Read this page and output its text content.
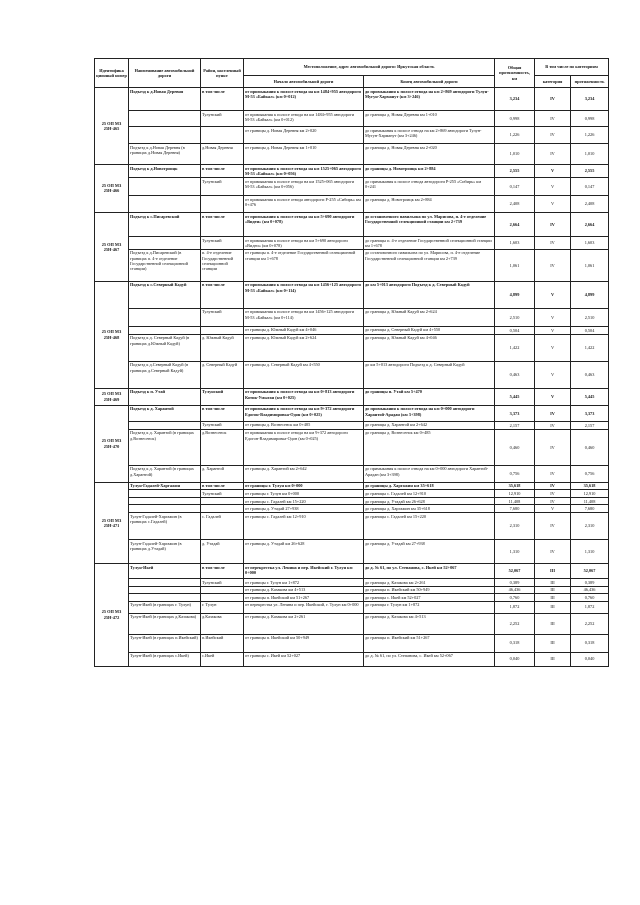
Идентифика ционный номер	Наименование автомобильной дороги	Район, населенный пункт	Местоположение, адрес автомобильной дороги: Иркутская область		Общая протяженность, км	В том числе по категориям	
			Начало автомобильной дороги	Конец автомобильной дороги		категория	протяженность

25 ОП МЗ 25Н-465	Подъезд к д.Новая Деревня	в том числе	от примыкания к полосе отвода на км 1484+955 автодороги М-53 «Байкал» (км 0+012)	до примыкания к полосе отвода на км 2+869 автодороги Тулун-Мугун-Харманут (км 3+246)	3,234	IV	3,234
		Тулунский	от примыкания к полосе отвода на км 1484+955 автодороги М-53 «Байкал» (км 0+012)	до границы д. Новая Деревня км 1+010	0,998	IV	0,998
			от границы д. Новая Деревня км 2+020	до примыкания к полосе отвода на км 2+869 автодороги Тулун-Мугун-Харманут (км 3+246)	1,226	IV	1,226
	Подъезд к д.Новая Деревня (в границах д.Новая Деревня)	д.Новая Деревня	от границы д. Новая Деревня км 1+010	до границы д. Новая Деревня км 2+020	1,010	IV	1,010
25 ОП МЗ 25Н-466	Подъезд к д.Новотроицк	в том числе	от примыкания к полосе отвода на км 1525+065 автодороги М-53 «Байкал» (км 0+056)	до границы д. Новотроицк км 2+884	2,555	V	2,555
		Тулунский	от примыкания к полосе отвода на км 1525+065 автодороги М-53 «Байкал» (км 0+056)	до примыкания к полосе отвода автодороги Р-255 «Сибирь» км 0+241	0,147	V	0,147
			от примыкания к полосе отвода автодороги Р-255 «Сибирь» км 0+476	до границы д. Новотроицк км 2+884	2,408	V	2,408
25 ОП МЗ 25Н-467	Подъезд к с.Писаревский	в том числе	от примыкания к полосе отвода на км 5+690 автодороги «Видеи» (км 0+078)	до остановочного павильона по ул. Марисова, п. 4-е отделение Государственной селекционной станции км 2+739	2,664	IV	2,664
		Тулунский	от примыкания к полосе отвода на км 5+690 автодороги «Видеи» (км 0+078)	до границы п. 4-е отделение Государственной селекционной станции км 1+678	1,603	IV	1,603
	Подъезд к д.Писаревский (в границах п. 4-е отделение Государственной селекционной станции)	п. 4-е отделение Государственной селекционной станции	от границы п. 4-е отделение Государственной селекционной станции км 1+678	до остановочного павильона по ул. Марисова, п. 4-е отделение Государственной селекционной станции км 2+739	1,061	IV	1,061
25 ОП МЗ 25Н-468	Подъезд к с.Северный Кадуй	в том числе	от примыкания к полосе отвода на км 1456+125 автодороги М-53 «Байкал» (км 0+114)	до км 5+013 автодороги Подъезд к д. Северный Кадуй	4,899	V	4,899
		Тулунский	от примыкания к полосе отвода на км 1456+125 автодороги М-53 «Байкал» (км 0+114)	до границы д. Южный Кадуй км 2+624	2,510	V	2,510
			от границы д. Южный Кадуй км 4+046	до границы д. Северный Кадуй км 4+550	0,504	V	0,504
	Подъезд к д. Северный Кадуй (в границах д.Южный Кадуй)	д. Южный Кадуй	от границы д. Южный Кадуй км 2+624	до границы д. Южный Кадуй км 4+046	1,422	V	1,422
	Подъезд к д.Северный Кадуй (в границах д.Северный Кадуй)	д. Северный Кадуй	от границы д. Северный Кадуй км 4+550	до км 5+013 автодороги Подъезд к д. Северный Кадуй	0,463	V	0,463
25 ОП МЗ 25Н-469	Подъезд к п. Утай	Тулунский	от примыкания к полосе отвода на км 0+813 автодороги Котик-Умыган (км 0+025)	до границы п. Утай км 5+470	5,445	V	5,445
25 ОП МЗ 25Н-470	Подъезд к д. Харантой	в том числе	от примыкания к полосе отвода на км 9+372 автодороги Едогон-Владимировка-Одон (км 0+025)	до примыкания к полосе отвода на км 0+000 автодороги Харантой-Арадан (км 3+398)	3,373	IV	3,373
		Тулунский	от границы д. Вознесенск км 0+485	до границы д. Харантой км 2+642	2,157	IV	2,157
	Подъезд к д. Харантой (в границах д.Вознесенск)	д.Вознесенск	от примыкания к полосе отвода на км 9+372 автодороги Едогон-Владимировка-Одон (км 0+025)	до границы д. Вознесенск км 0+485	0,460	IV	0,460
	Подъезд к д. Харантой (в границах д.Харантой)	д. Харантой	от границы д. Харантой км 2+642	до примыкания к полосе отвода на км 0+000 автодороги Харантой-Арадан (км 3+398)	0,756	IV	0,756
25 ОП МЗ 25Н-471	Тулун-Гадалей-Харгажин	в том числе	от границы г. Тулун км 0+000	до границы д. Харгажин км 35+618	35,618	IV	35,618
		Тулунский	от границы г. Тулун км 0+000	до границы с. Гадалей км 12+910	12,910	IV	12,910
			от границы с. Гадалей км 15+220	до границы д. Утадай км 26+628	11,408	IV	11,408
			от границы д. Утадай 27+938	до границы д. Харгажин км 35+618	7,680	V	7,680
	Тулун-Гадалей-Харгажин (в границах с.Гадалей)	с. Гадалей	от границы с. Гадалей км 12+910	до границы с. Гадалей км 15+220	2,310	IV	2,310
	Тулун-Гадалей-Харгажин (в границах д.Утадай)	д. Утадай	от границы д. Утадай км 26+628	до границы д. Утадай км 27+938	1,310	IV	1,310
25 ОП МЗ 25Н-472	Тулун-Икей	в том числе	от перекрестка ул. Ленина и пер. Икейский г. Тулун км 0+000	до д. № 61, по ул. Степанова, с. Икей км 52+067	52,067	III	52,067
		Тулунский	от границы г. Тулун км 1+872	до границы д. Казакова км 2+261	0,389	III	0,389
			от границы д. Казакова км 4+513	до границы п. Икейский км 50+949	46,436	III	46,436
			от границы п. Икейский км 51+267	до границы с. Икей км 52+027	0,760	III	0,760
	Тулун-Икей (в границах г. Тулун)	г. Тулун	от перекрестка ул. Ленина и пер. Икейский, г. Тулун км 0+000	до границы г. Тулун км 1+872	1,872	III	1,872
	Тулун-Икей (в границах д.Казакова)	д.Казакова	от границы д. Казакова км 2+261	до границы д. Казакова км 4+513	2,252	III	2,252
	Тулун-Икей (в границах п.Икейский)	п.Икейский	от границы п. Икейский км 50+949	до границы п. Икейский км 51+267	0,318	III	0,318
	Тулун-Икей (в границах с.Икей)	с.Икей	от границы с. Икей км 52+027	до д. № 61, по ул. Степанова, с. Икей км 52+067	0,040	III	0,040
